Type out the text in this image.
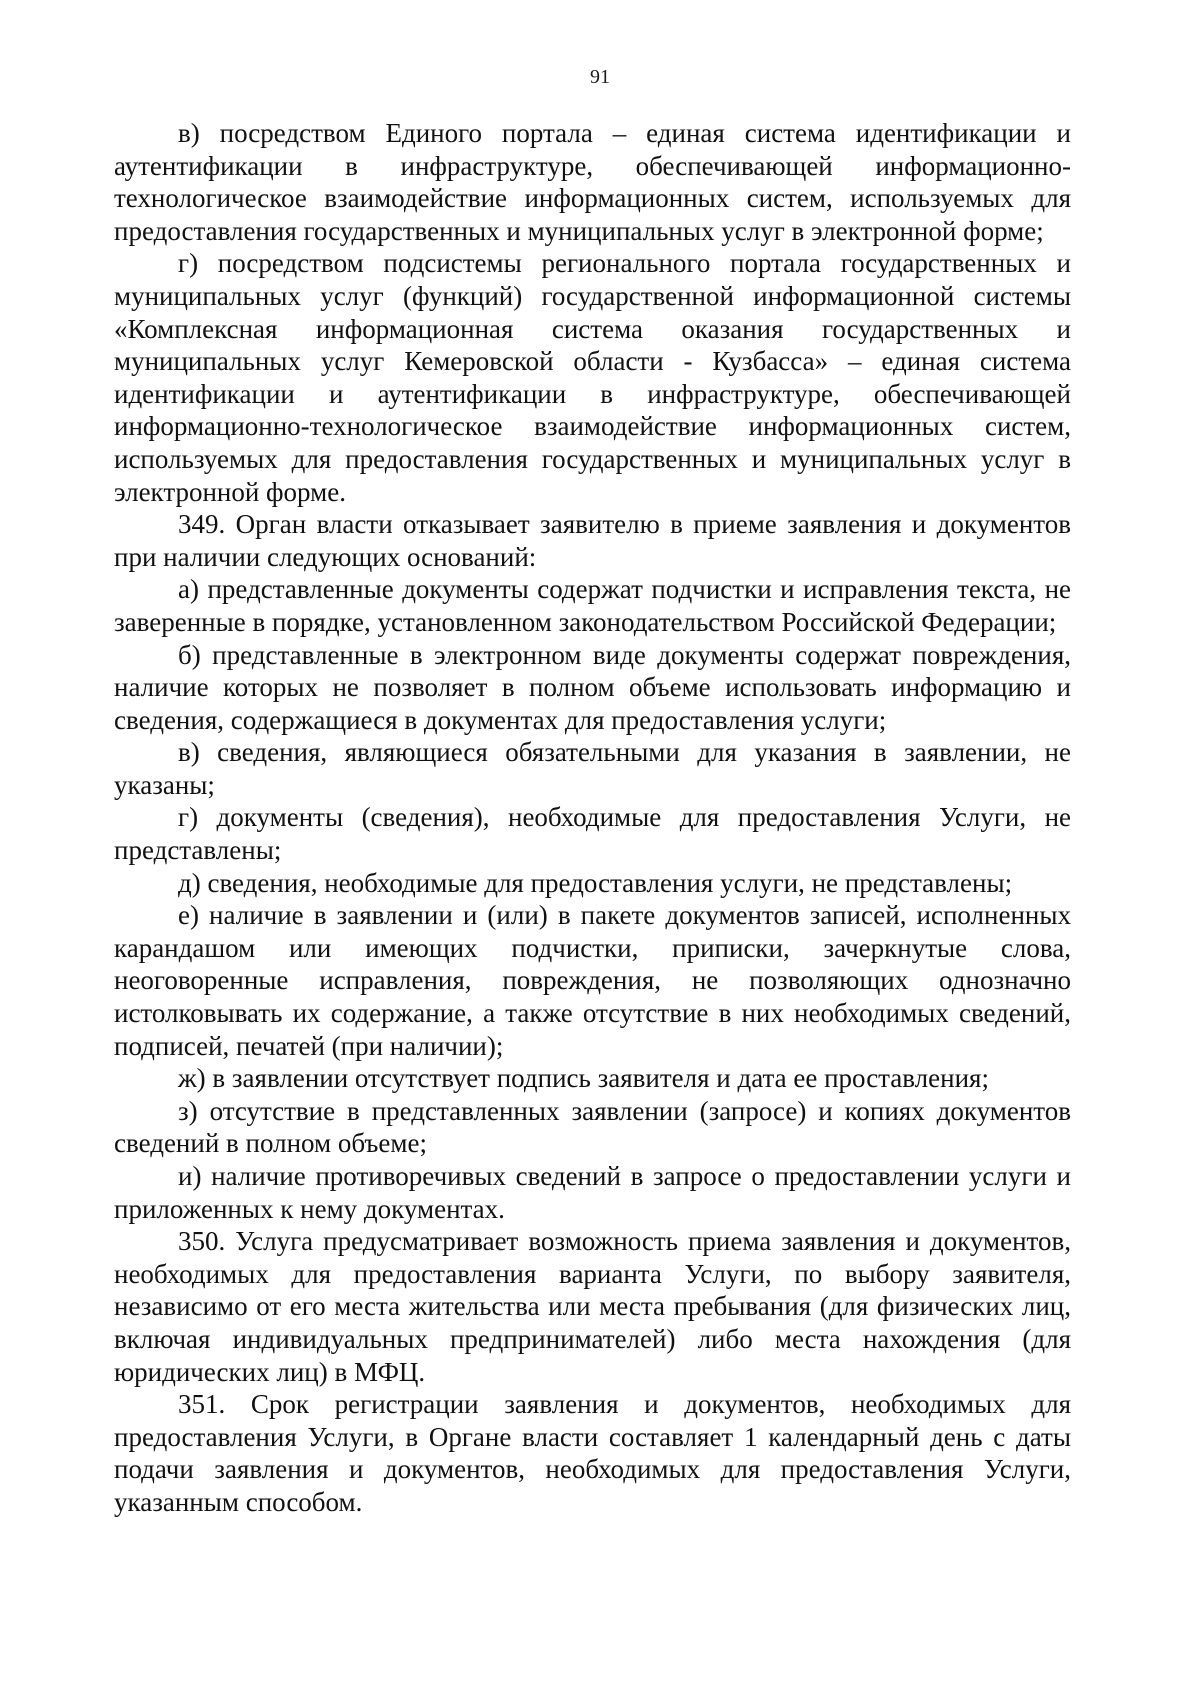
91

в) посредством Единого портала – единая система идентификации и аутентификации в инфраструктуре, обеспечивающей информационно-технологическое взаимодействие информационных систем, используемых для предоставления государственных и муниципальных услуг в электронной форме;

г) посредством подсистемы регионального портала государственных и муниципальных услуг (функций) государственной информационной системы «Комплексная информационная система оказания государственных и муниципальных услуг Кемеровской области - Кузбасса» – единая система идентификации и аутентификации в инфраструктуре, обеспечивающей информационно-технологическое взаимодействие информационных систем, используемых для предоставления государственных и муниципальных услуг в электронной форме.

349. Орган власти отказывает заявителю в приеме заявления и документов при наличии следующих оснований:

а) представленные документы содержат подчистки и исправления текста, не заверенные в порядке, установленном законодательством Российской Федерации;

б) представленные в электронном виде документы содержат повреждения, наличие которых не позволяет в полном объеме использовать информацию и сведения, содержащиеся в документах для предоставления услуги;

в) сведения, являющиеся обязательными для указания в заявлении, не указаны;

г) документы (сведения), необходимые для предоставления Услуги, не представлены;

д) сведения, необходимые для предоставления услуги, не представлены;

е) наличие в заявлении и (или) в пакете документов записей, исполненных карандашом или имеющих подчистки, приписки, зачеркнутые слова, неоговоренные исправления, повреждения, не позволяющих однозначно истолковывать их содержание, а также отсутствие в них необходимых сведений, подписей, печатей (при наличии);

ж) в заявлении отсутствует подпись заявителя и дата ее проставления;

з) отсутствие в представленных заявлении (запросе) и копиях документов сведений в полном объеме;

и) наличие противоречивых сведений в запросе о предоставлении услуги и приложенных к нему документах.

350. Услуга предусматривает возможность приема заявления и документов, необходимых для предоставления варианта Услуги, по выбору заявителя, независимо от его места жительства или места пребывания (для физических лиц, включая индивидуальных предпринимателей) либо места нахождения (для юридических лиц) в МФЦ.

351. Срок регистрации заявления и документов, необходимых для предоставления Услуги, в Органе власти составляет 1 календарный день с даты подачи заявления и документов, необходимых для предоставления Услуги, указанным способом.
